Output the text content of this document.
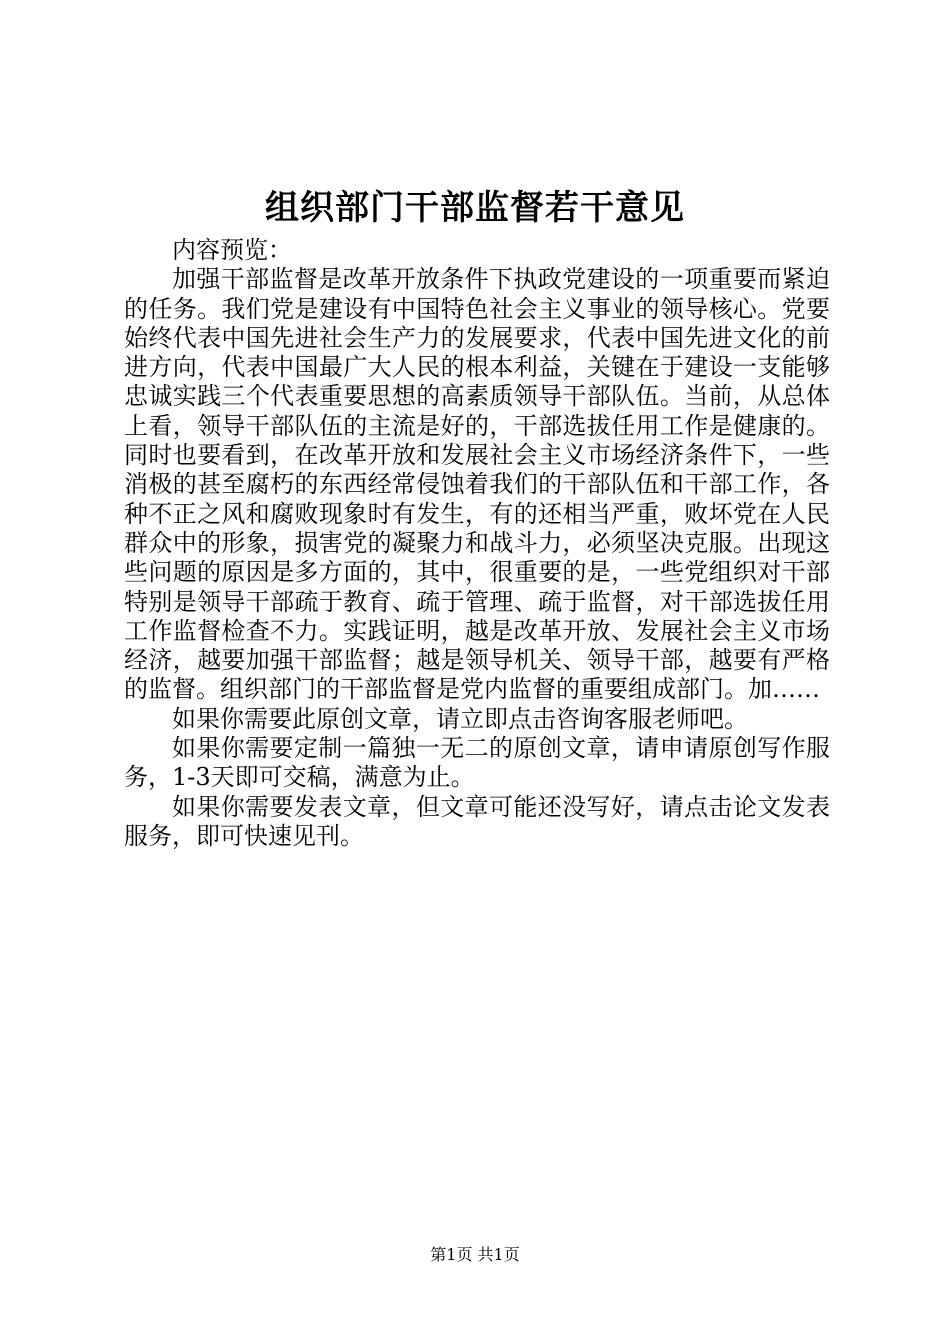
组织部门干部监督若干意见

内容预览：

加强干部监督是改革开放条件下执政党建设的一项重要而紧迫的任务。我们党是建设有中国特色社会主义事业的领导核心。党要始终代表中国先进社会生产力的发展要求，代表中国先进文化的前进方向，代表中国最广大人民的根本利益，关键在于建设一支能够忠诚实践三个代表重要思想的高素质领导干部队伍。当前，从总体上看，领导干部队伍的主流是好的，干部选拔任用工作是健康的。同时也要看到，在改革开放和发展社会主义市场经济条件下，一些消极的甚至腐朽的东西经常侵蚀着我们的干部队伍和干部工作，各种不正之风和腐败现象时有发生，有的还相当严重，败坏党在人民群众中的形象，损害党的凝聚力和战斗力，必须坚决克服。出现这些问题的原因是多方面的，其中，很重要的是，一些党组织对干部特别是领导干部疏于教育、疏于管理、疏于监督，对干部选拔任用工作监督检查不力。实践证明，越是改革开放、发展社会主义市场经济，越要加强干部监督；越是领导机关、领导干部，越要有严格的监督。组织部门的干部监督是党内监督的重要组成部门。加……

如果你需要此原创文章，请立即点击咨询客服老师吧。

如果你需要定制一篇独一无二的原创文章，请申请原创写作服务，1-3天即可交稿，满意为止。

如果你需要发表文章，但文章可能还没写好，请点击论文发表服务，即可快速见刊。

第1页 共1页
